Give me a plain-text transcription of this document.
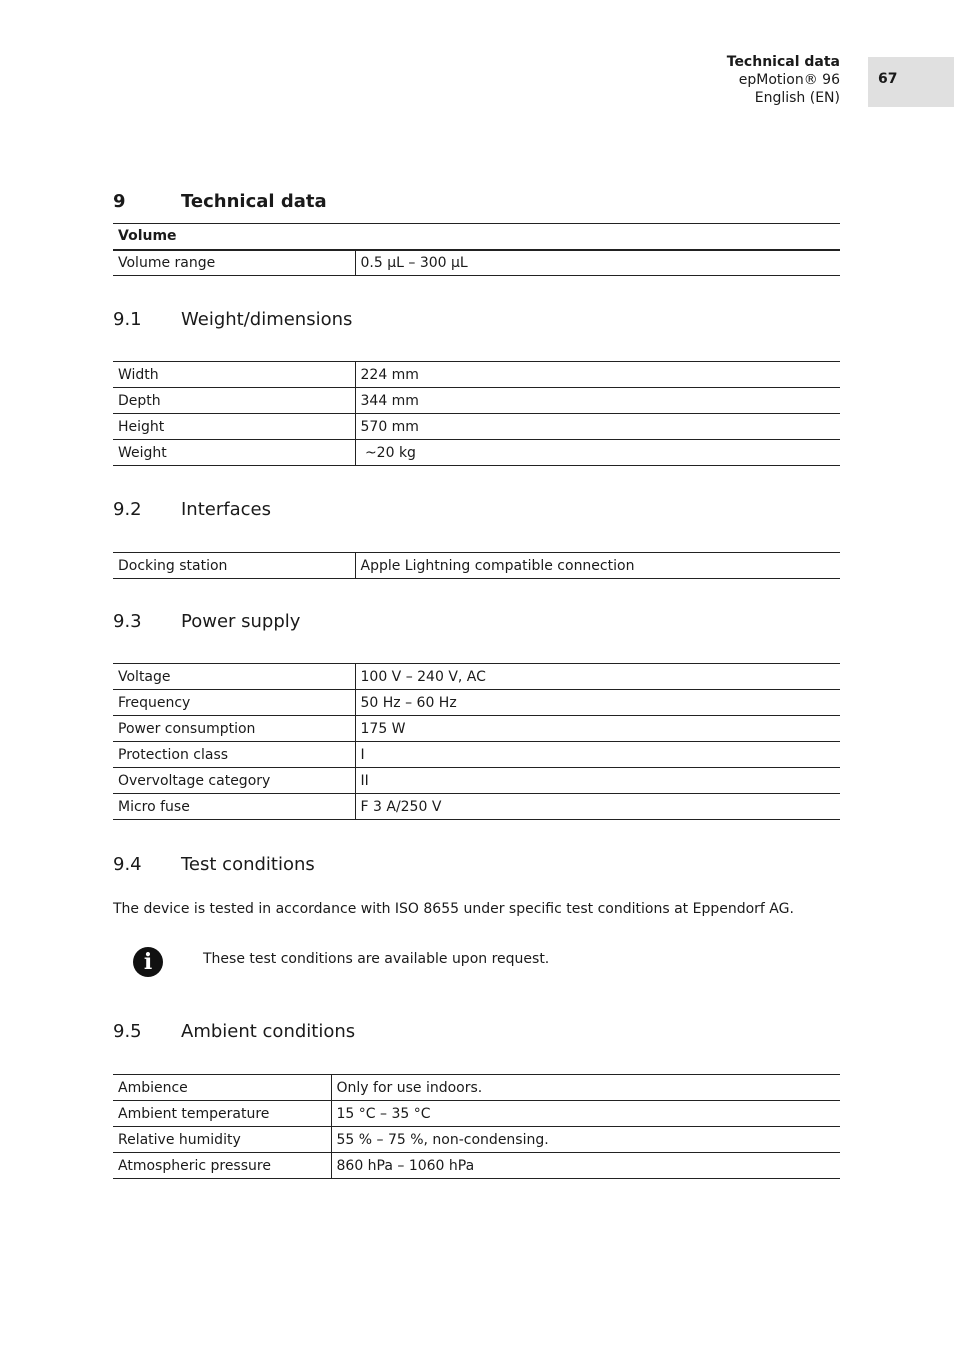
Technical data
epMotion® 96
English (EN)
67
9	Technical data
Volume
Volume range	0.5 µL – 300 µL
9.1 Weight/dimensions
Width	224 mm
Depth	344 mm
Height	570 mm
Weight	~20 kg
9.2 Interfaces
Docking station	Apple Lightning compatible connection
9.3 Power supply
Voltage	100 V – 240 V, AC
Frequency	50 Hz – 60 Hz
Power consumption	175 W
Protection class	I
Overvoltage category	II
Micro fuse	F 3 A/250 V
9.4 Test conditions
The device is tested in accordance with ISO 8655 under specific test conditions at Eppendorf AG.
i	These test conditions are available upon request.
9.5 Ambient conditions
Ambience	Only for use indoors.
Ambient temperature	15 °C – 35 °C
Relative humidity	55 % – 75 %, non-condensing.
Atmospheric pressure	860 hPa – 1060 hPa
